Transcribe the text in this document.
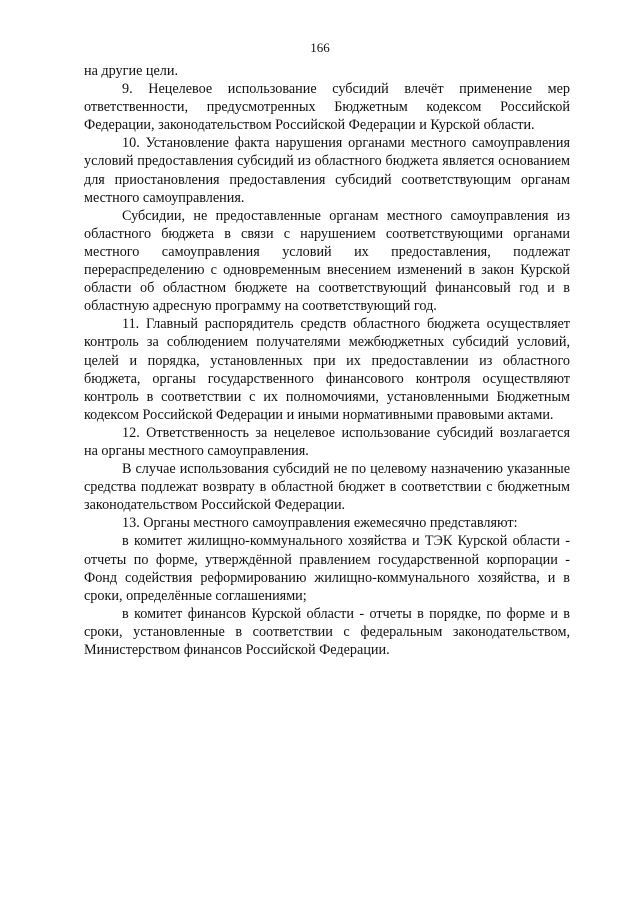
166

на другие цели.

9. Нецелевое использование субсидий влечёт применение мер ответственности, предусмотренных Бюджетным кодексом Российской Федерации, законодательством Российской Федерации и Курской области.

10. Установление факта нарушения органами местного самоуправления условий предоставления субсидий из областного бюджета является основанием для приостановления предоставления субсидий соответствующим органам местного самоуправления.

Субсидии, не предоставленные органам местного самоуправления из областного бюджета в связи с нарушением соответствующими органами местного самоуправления условий их предоставления, подлежат перераспределению с одновременным внесением изменений в закон Курской области об областном бюджете на соответствующий финансовый год и в областную адресную программу на соответствующий год.

11. Главный распорядитель средств областного бюджета осуществляет контроль за соблюдением получателями межбюджетных субсидий условий, целей и порядка, установленных при их предоставлении из областного бюджета, органы государственного финансового контроля осуществляют контроль в соответствии с их полномочиями, установленными Бюджетным кодексом Российской Федерации и иными нормативными правовыми актами.

12. Ответственность за нецелевое использование субсидий возлагается на органы местного самоуправления.

В случае использования субсидий не по целевому назначению указанные средства подлежат возврату в областной бюджет в соответствии с бюджетным законодательством Российской Федерации.

13. Органы местного самоуправления ежемесячно представляют:

в комитет жилищно-коммунального хозяйства и ТЭК Курской области - отчеты по форме, утверждённой правлением государственной корпорации - Фонд содействия реформированию жилищно-коммунального хозяйства, и в сроки, определённые соглашениями;

в комитет финансов Курской области - отчеты в порядке, по форме и в сроки, установленные в соответствии с федеральным законодательством, Министерством финансов Российской Федерации.
